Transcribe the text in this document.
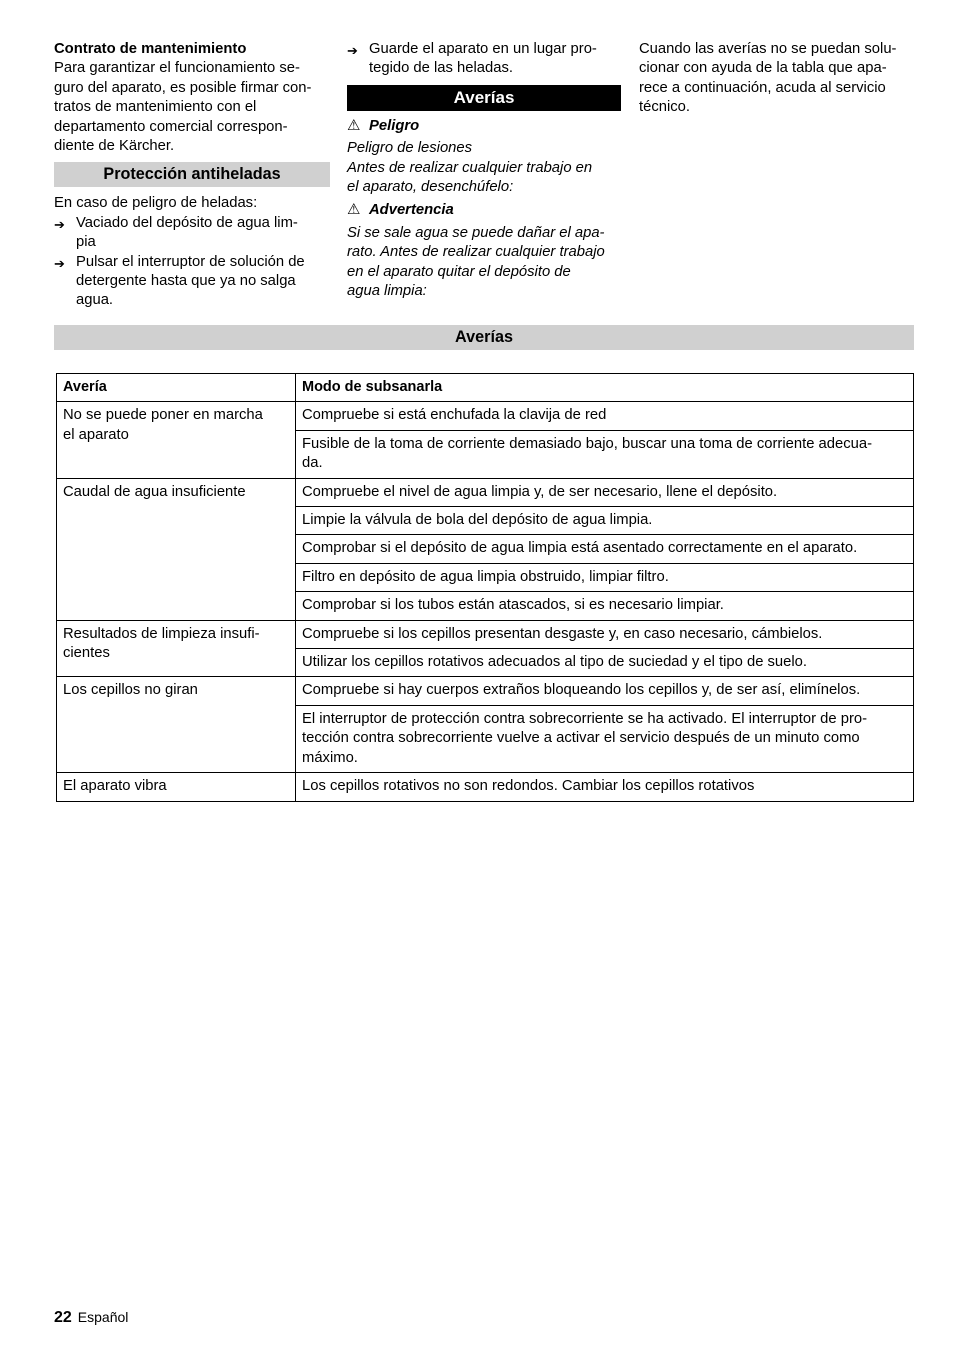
Contrato de mantenimiento

Para garantizar el funcionamiento se-
guro del aparato, es posible firmar con-
tratos de mantenimiento con el
departamento comercial correspon-
diente de Kärcher.
Protección antiheladas

En caso de peligro de heladas:

➔ Vaciado del depósito de agua lim-
pia
➔ Pulsar el interruptor de solución de
detergente hasta que ya no salga
agua.
➔ Guarde el aparato en un lugar pro-
tegido de las heladas.
Averías
⚠ Peligro
Peligro de lesiones
Antes de realizar cualquier trabajo en
el aparato, desenchúfelo:
⚠ Advertencia
Si se sale agua se puede dañar el apa-
rato. Antes de realizar cualquier trabajo
en el aparato quitar el depósito de
agua limpia:
Cuando las averías no se puedan solu-
cionar con ayuda de la tabla que apa-
rece a continuación, acuda al servicio
técnico.
Averías
Avería	Modo de subsanarla

No se puede poner en marcha
el aparato	Compruebe si está enchufada la clavija de red

	Fusible de la toma de corriente demasiado bajo, buscar una toma de corriente adecua-
da.

Caudal de agua insuficiente	Compruebe el nivel de agua limpia y, de ser necesario, llene el depósito.

	Limpie la válvula de bola del depósito de agua limpia.

	Comprobar si el depósito de agua limpia está asentado correctamente en el aparato.

	Filtro en depósito de agua limpia obstruido, limpiar filtro.

	Comprobar si los tubos están atascados, si es necesario limpiar.

Resultados de limpieza insufi-
cientes	Compruebe si los cepillos presentan desgaste y, en caso necesario, cámbielos.

	Utilizar los cepillos rotativos adecuados al tipo de suciedad y el tipo de suelo.

Los cepillos no giran	Compruebe si hay cuerpos extraños bloqueando los cepillos y, de ser así, elimínelos.

	El interruptor de protección contra sobrecorriente se ha activado. El interruptor de pro-
tección contra sobrecorriente vuelve a activar el servicio después de un minuto como
máximo.

El aparato vibra	Los cepillos rotativos no son redondos. Cambiar los cepillos rotativos
22 Español
